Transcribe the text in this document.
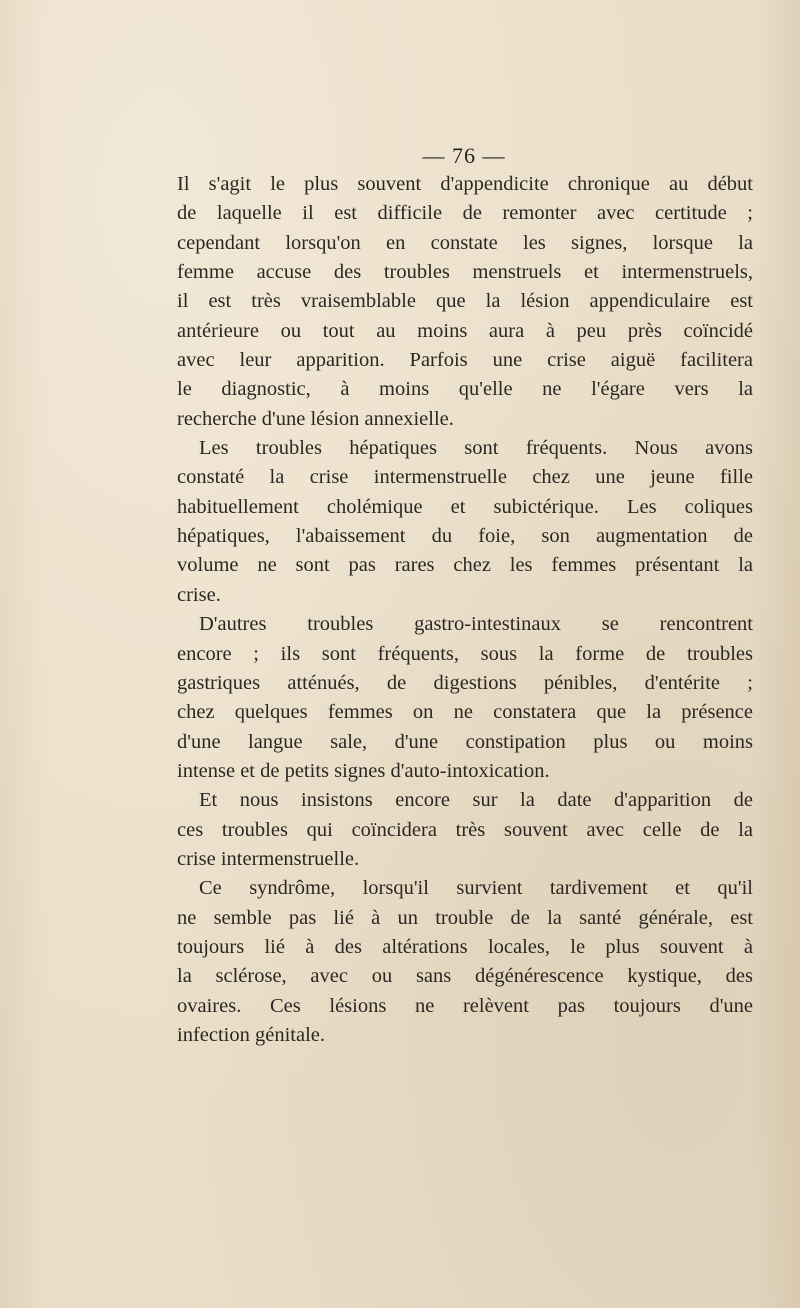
— 76 —
Il s'agit le plus souvent d'appendicite chronique au début
de laquelle il est difficile de remonter avec certitude ;
cependant lorsqu'on en constate les signes, lorsque la
femme accuse des troubles menstruels et intermenstruels,
il est très vraisemblable que la lésion appendiculaire est
antérieure ou tout au moins aura à peu près coïncidé
avec leur apparition. Parfois une crise aiguë facilitera
le diagnostic, à moins qu'elle ne l'égare vers la
recherche d'une lésion annexielle.
Les troubles hépatiques sont fréquents. Nous avons
constaté la crise intermenstruelle chez une jeune fille
habituellement cholémique et subictérique. Les coliques
hépatiques, l'abaissement du foie, son augmentation de
volume ne sont pas rares chez les femmes présentant la
crise.
D'autres troubles gastro-intestinaux se rencontrent
encore ; ils sont fréquents, sous la forme de troubles
gastriques atténués, de digestions pénibles, d'entérite ;
chez quelques femmes on ne constatera que la présence
d'une langue sale, d'une constipation plus ou moins
intense et de petits signes d'auto-intoxication.
Et nous insistons encore sur la date d'apparition de
ces troubles qui coïncidera très souvent avec celle de la
crise intermenstruelle.
Ce syndrôme, lorsqu'il survient tardivement et qu'il
ne semble pas lié à un trouble de la santé générale, est
toujours lié à des altérations locales, le plus souvent à
la sclérose, avec ou sans dégénérescence kystique, des
ovaires. Ces lésions ne relèvent pas toujours d'une
infection génitale.
